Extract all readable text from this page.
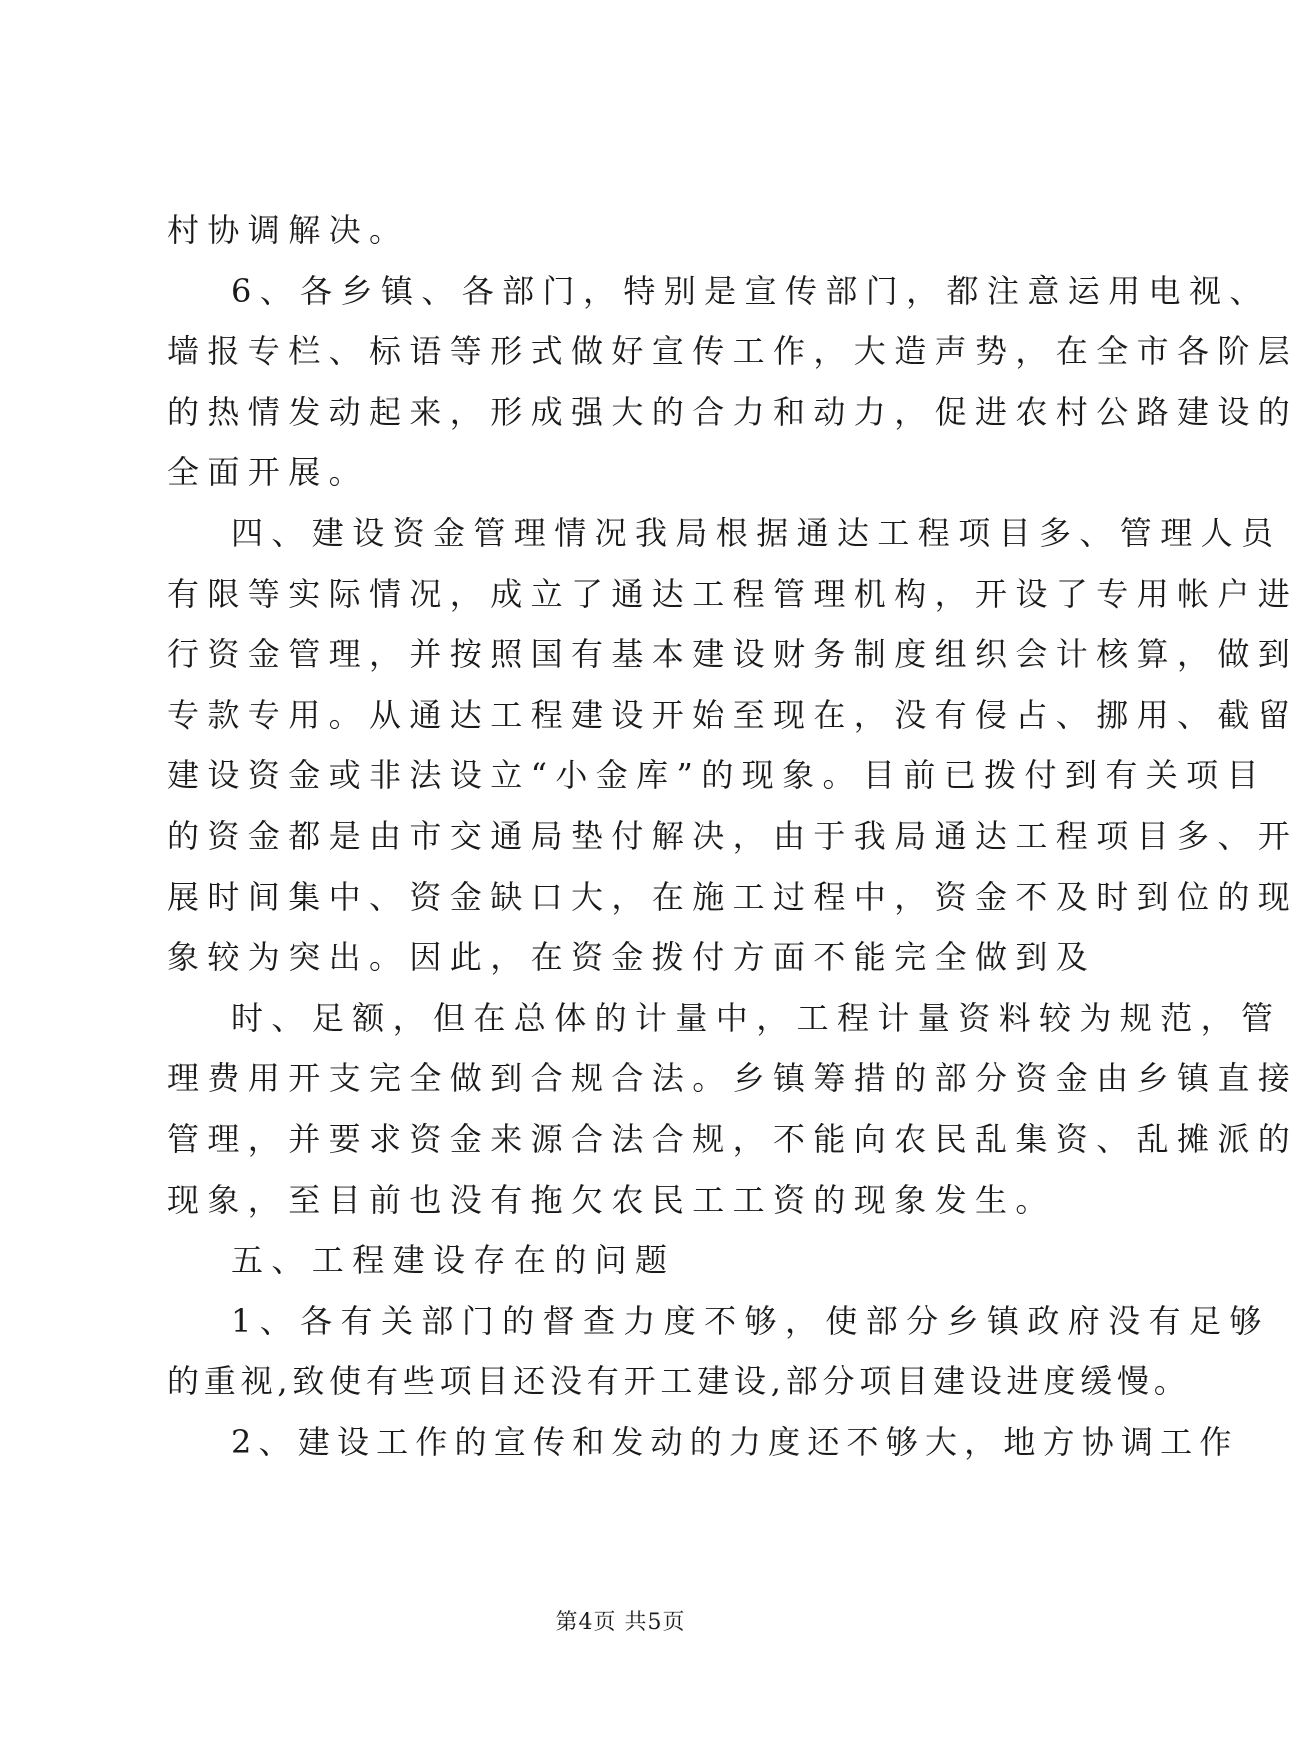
村协调解决。
6、各乡镇、各部门，特别是宣传部门，都注意运用电视、
墙报专栏、标语等形式做好宣传工作，大造声势，在全市各阶层
的热情发动起来，形成强大的合力和动力，促进农村公路建设的
全面开展。
四、建设资金管理情况我局根据通达工程项目多、管理人员
有限等实际情况，成立了通达工程管理机构，开设了专用帐户进
行资金管理，并按照国有基本建设财务制度组织会计核算，做到
专款专用。从通达工程建设开始至现在，没有侵占、挪用、截留
建设资金或非法设立“小金库”的现象。目前已拨付到有关项目
的资金都是由市交通局垫付解决，由于我局通达工程项目多、开
展时间集中、资金缺口大，在施工过程中，资金不及时到位的现
象较为突出。因此，在资金拨付方面不能完全做到及
时、足额，但在总体的计量中，工程计量资料较为规范，管
理费用开支完全做到合规合法。乡镇筹措的部分资金由乡镇直接
管理，并要求资金来源合法合规，不能向农民乱集资、乱摊派的
现象，至目前也没有拖欠农民工工资的现象发生。
五、工程建设存在的问题
1、各有关部门的督查力度不够，使部分乡镇政府没有足够
的重视,致使有些项目还没有开工建设,部分项目建设进度缓慢。
2、建设工作的宣传和发动的力度还不够大，地方协调工作
第4页 共5页
